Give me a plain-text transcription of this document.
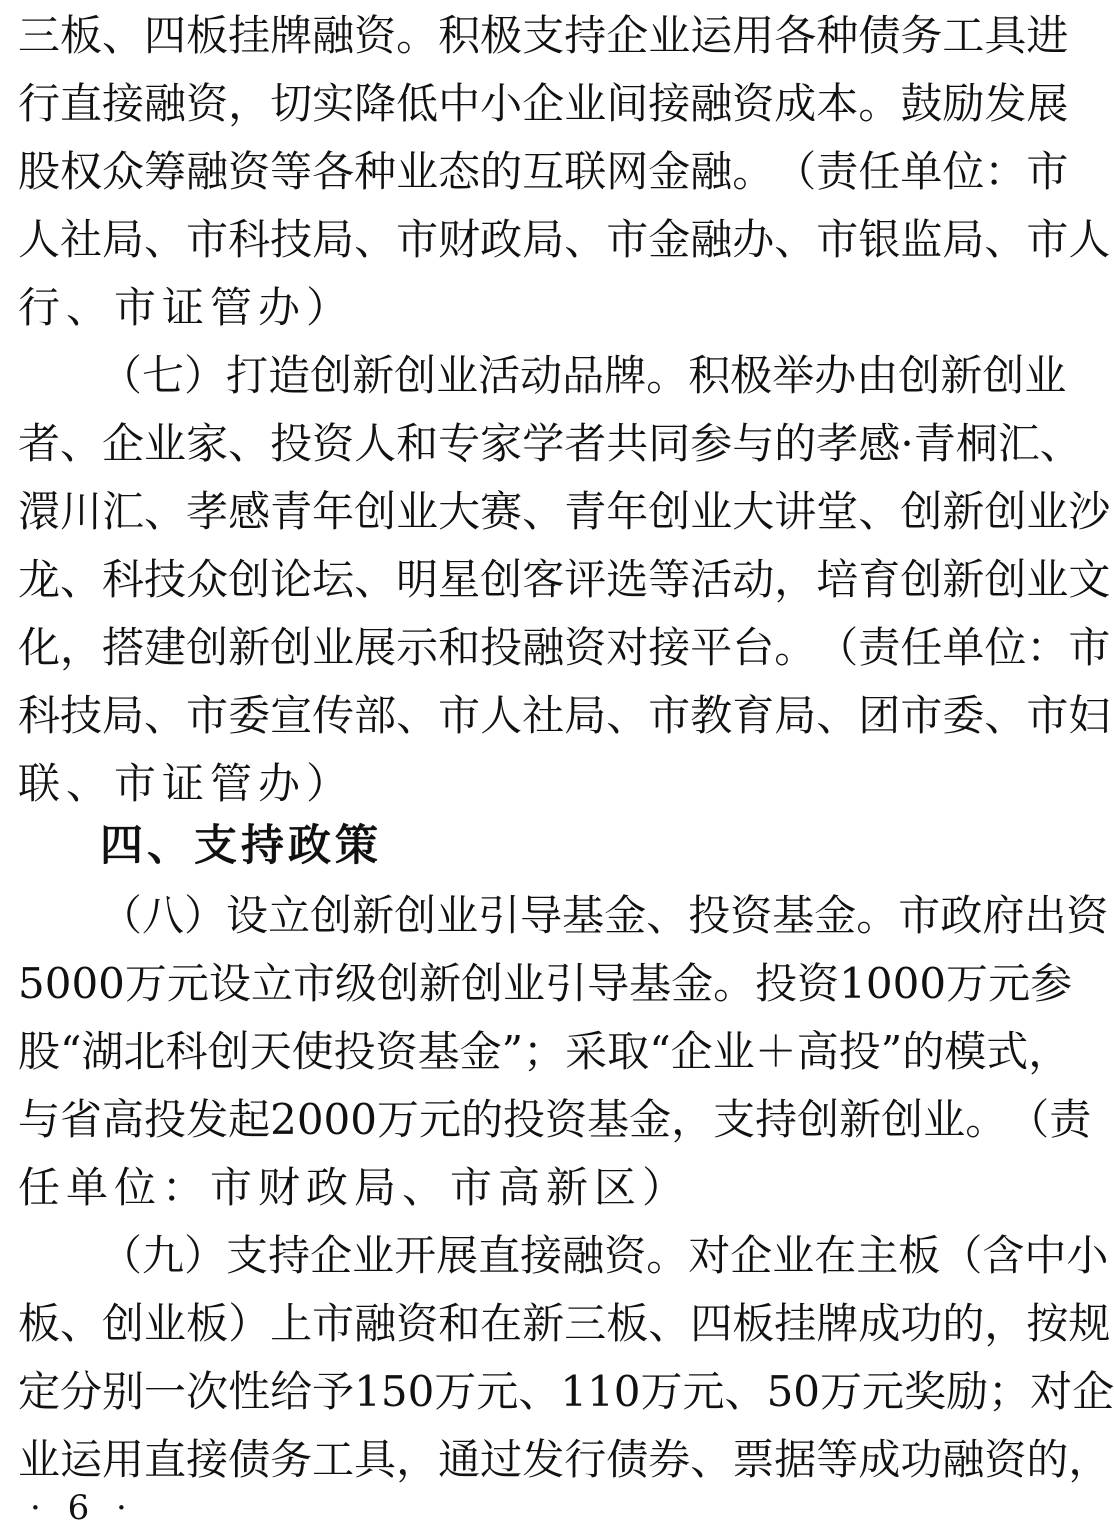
三 板 、 四 板 挂 牌 融 资 。 积 极 支 持 企 业 运 用 各 种 债 务 工 具 进
行 直 接 融 资 ， 切 实 降 低 中 小 企 业 间 接 融 资 成 本 。 鼓 励 发 展
股 权 众 筹 融 资 等 各 种 业 态 的 互 联 网 金 融 。 （ 责 任 单 位 ： 市
人 社 局 、 市 科 技 局 、 市 财 政 局 、 市 金 融 办 、 市 银 监 局 、 市 人
行、市证管办）
（ 七 ） 打 造 创 新 创 业 活 动 品 牌 。 积 极 举 办 由 创 新 创 业
者 、 企 业 家 、 投 资 人 和 专 家 学 者 共 同 参 与 的 孝 感 · 青 桐 汇 、
澴 川 汇 、 孝 感 青 年 创 业 大 赛 、 青 年 创 业 大 讲 堂 、 创 新 创 业 沙
龙 、 科 技 众 创 论 坛 、 明 星 创 客 评 选 等 活 动 ， 培 育 创 新 创 业 文
化 ， 搭 建 创 新 创 业 展 示 和 投 融 资 对 接 平 台 。 （ 责 任 单 位 ： 市
科 技 局 、 市 委 宣 传 部 、 市 人 社 局 、 市 教 育 局 、 团 市 委 、 市 妇
联、市证管办）
四、支持政策
（ 八 ） 设 立 创 新 创 业 引 导 基 金 、 投 资 基 金 。 市 政 府 出 资
5000 万 元 设 立 市 级 创 新 创 业 引 导 基 金 。 投 资 1000 万 元 参
股 “ 湖 北 科 创 天 使 投 资 基 金 ” ； 采 取 “ 企 业 ＋ 高 投 ” 的 模 式 ，
与 省 高 投 发 起 2000 万 元 的 投 资 基 金 ， 支 持 创 新 创 业 。 （ 责
任单位：市财政局、市高新区）
（ 九 ） 支 持 企 业 开 展 直 接 融 资 。 对 企 业 在 主 板 （ 含 中 小
板 、 创 业 板 ） 上 市 融 资 和 在 新 三 板 、 四 板 挂 牌 成 功 的 ， 按 规
定 分 别 一 次 性 给 予 150 万 元 、 110 万 元 、 50 万 元 奖 励 ； 对 企
业 运 用 直 接 债 务 工 具 ， 通 过 发 行 债 券 、 票 据 等 成 功 融 资 的 ，
· 6 ·
